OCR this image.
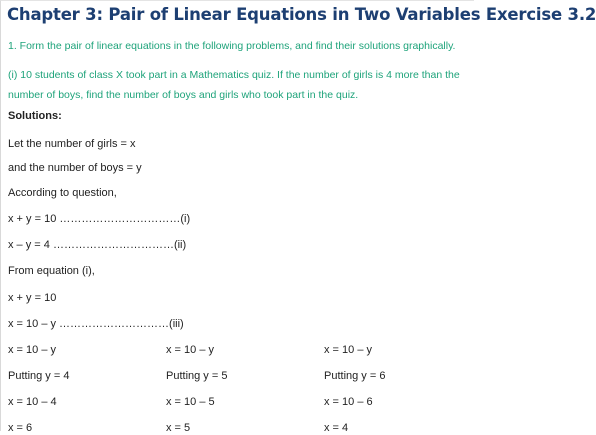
Chapter 3: Pair of Linear Equations in Two Variables Exercise 3.2
1. Form the pair of linear equations in the following problems, and find their solutions graphically.
(i) 10 students of class X took part in a Mathematics quiz. If the number of girls is 4 more than the number of boys, find the number of boys and girls who took part in the quiz.
Solutions:
Let the number of girls = x
and the number of boys = y
According to question,
x + y = 10 ……………………………(i)
x – y = 4 ……………………………(ii)
From equation (i),
x + y = 10
x = 10 – y …………………………(iii)
x = 10 – y	x = 10 – y	x = 10 – y
Putting y = 4	Putting y = 5	Putting y = 6
x = 10 – 4	x = 10 – 5	x = 10 – 6
x = 6	x = 5	x = 4
